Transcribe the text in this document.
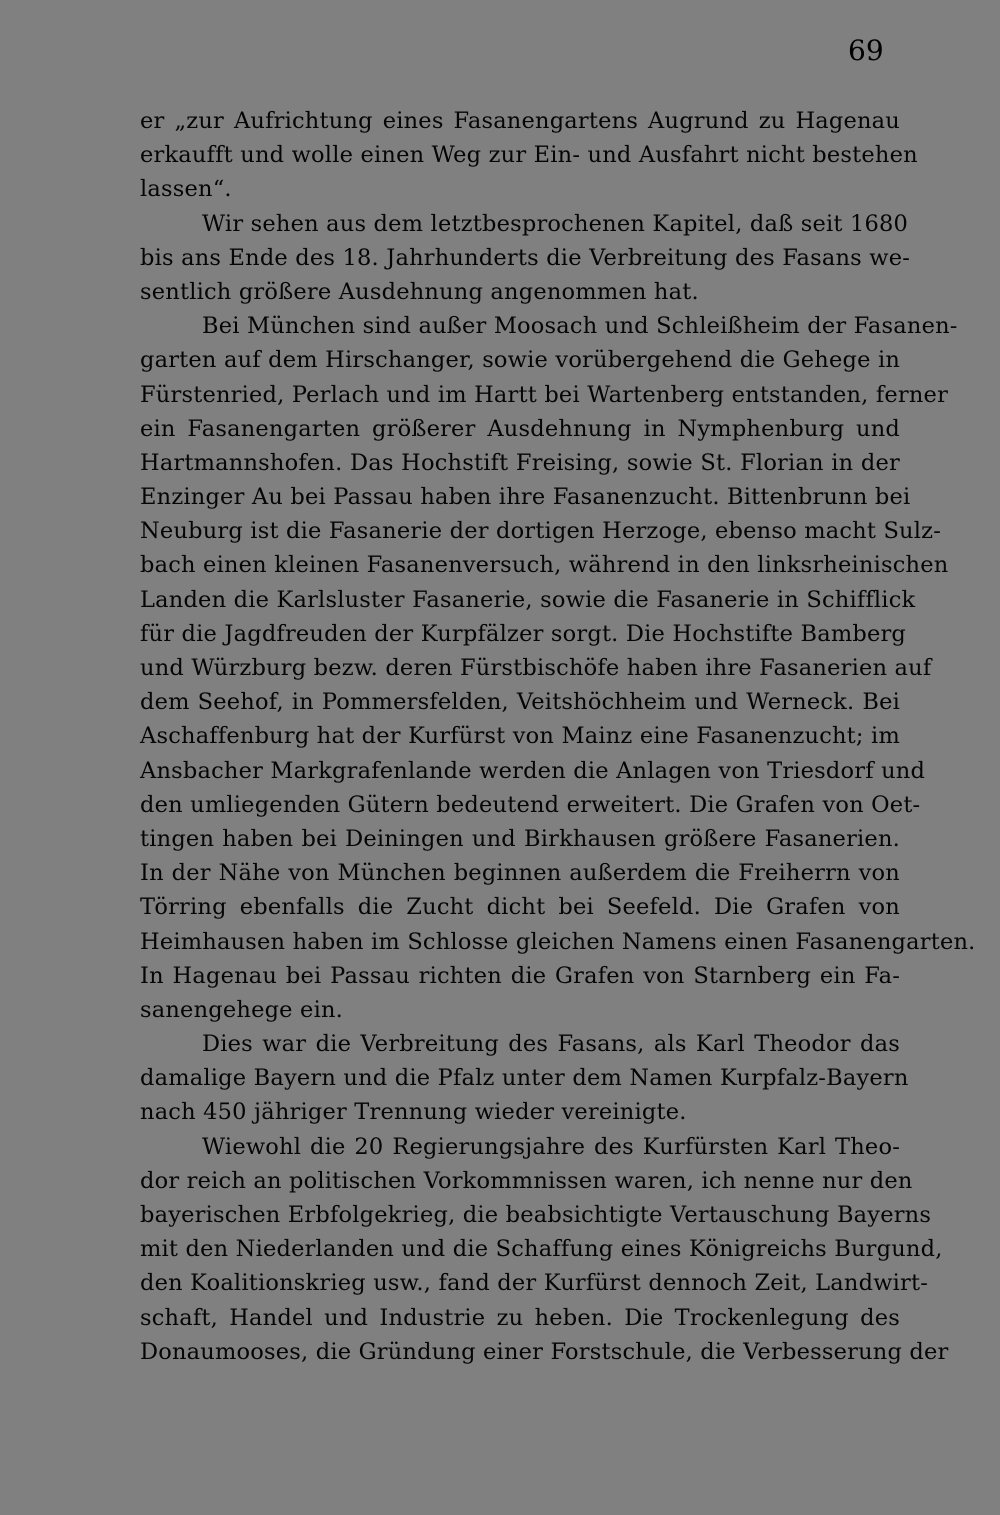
69
er „zur Aufrichtung eines Fasanengartens Augrund zu Hagenau
erkaufft und wolle einen Weg zur Ein- und Ausfahrt nicht bestehen
lassen“.
Wir sehen aus dem letztbesprochenen Kapitel, daß seit 1680
bis ans Ende des 18. Jahrhunderts die Verbreitung des Fasans we-
sentlich größere Ausdehnung angenommen hat.
Bei München sind außer Moosach und Schleißheim der Fasanen-
garten auf dem Hirschanger, sowie vorübergehend die Gehege in
Fürstenried, Perlach und im Hartt bei Wartenberg entstanden, ferner
ein Fasanengarten größerer Ausdehnung in Nymphenburg und
Hartmannshofen. Das Hochstift Freising, sowie St. Florian in der
Enzinger Au bei Passau haben ihre Fasanenzucht. Bittenbrunn bei
Neuburg ist die Fasanerie der dortigen Herzoge, ebenso macht Sulz-
bach einen kleinen Fasanenversuch, während in den linksrheinischen
Landen die Karlsluster Fasanerie, sowie die Fasanerie in Schifflick
für die Jagdfreuden der Kurpfälzer sorgt. Die Hochstifte Bamberg
und Würzburg bezw. deren Fürstbischöfe haben ihre Fasanerien auf
dem Seehof, in Pommersfelden, Veitshöchheim und Werneck. Bei
Aschaffenburg hat der Kurfürst von Mainz eine Fasanenzucht; im
Ansbacher Markgrafenlande werden die Anlagen von Triesdorf und
den umliegenden Gütern bedeutend erweitert. Die Grafen von Oet-
tingen haben bei Deiningen und Birkhausen größere Fasanerien.
In der Nähe von München beginnen außerdem die Freiherrn von
Törring ebenfalls die Zucht dicht bei Seefeld. Die Grafen von
Heimhausen haben im Schlosse gleichen Namens einen Fasanengarten.
In Hagenau bei Passau richten die Grafen von Starnberg ein Fa-
sanengehege ein.
Dies war die Verbreitung des Fasans, als Karl Theodor das
damalige Bayern und die Pfalz unter dem Namen Kurpfalz-Bayern
nach 450 jähriger Trennung wieder vereinigte.
Wiewohl die 20 Regierungsjahre des Kurfürsten Karl Theo-
dor reich an politischen Vorkommnissen waren, ich nenne nur den
bayerischen Erbfolgekrieg, die beabsichtigte Vertauschung Bayerns
mit den Niederlanden und die Schaffung eines Königreichs Burgund,
den Koalitionskrieg usw., fand der Kurfürst dennoch Zeit, Landwirt-
schaft, Handel und Industrie zu heben. Die Trockenlegung des
Donaumooses, die Gründung einer Forstschule, die Verbesserung der
